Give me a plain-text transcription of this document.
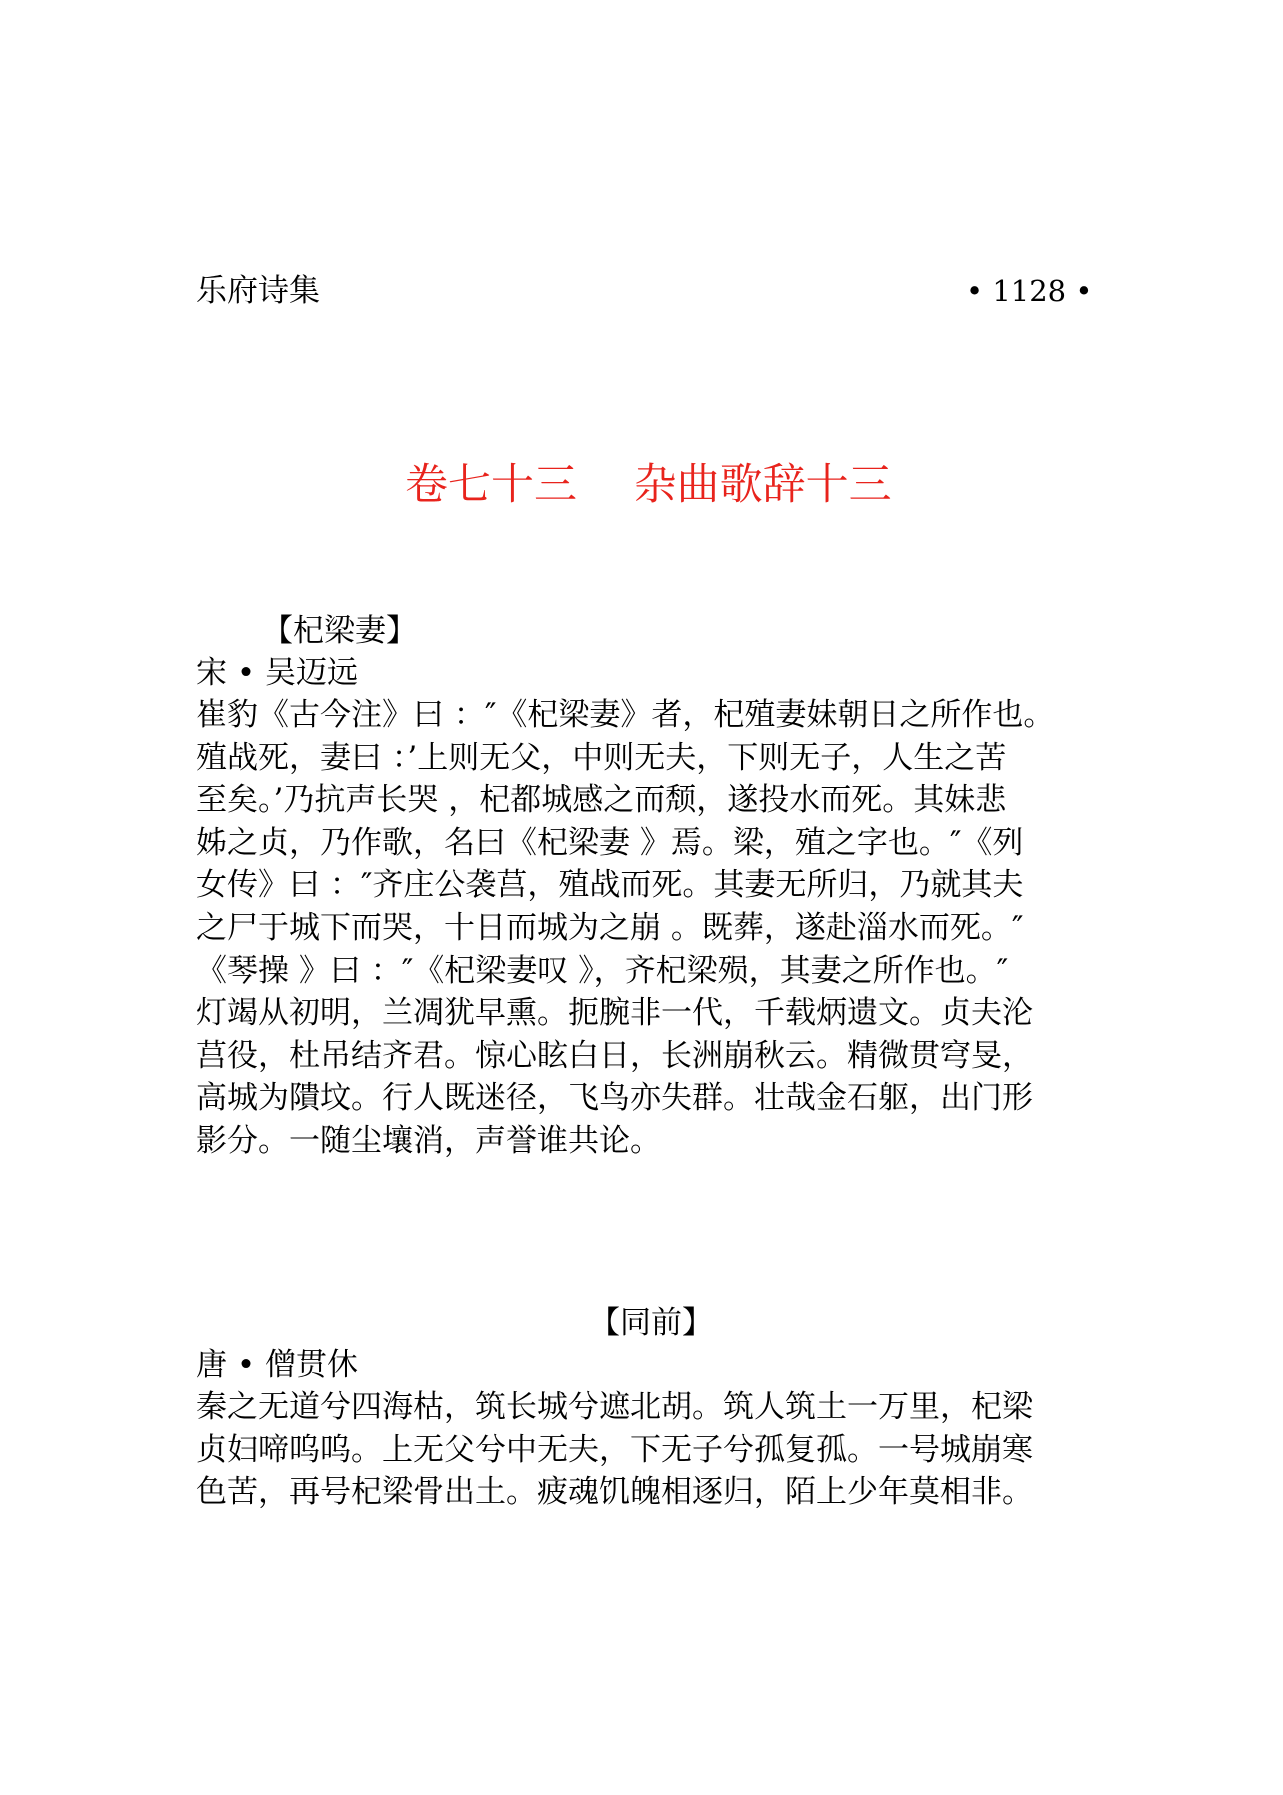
乐府诗集	• 1128 •
卷七十三　 杂曲歌辞十三
【杞梁妻】
宋 • 吴迈远
崔豹《古今注》曰 ：″《杞梁妻》者，杞殖妻妹朝日之所作也。
殖战死，妻曰 ：’上则无父，中则无夫，下则无子，人生之苦
至矣。’乃抗声长哭 ，杞都城感之而颓，遂投水而死。其妹悲
姊之贞，乃作歌，名曰《杞梁妻 》焉。梁，殖之字也。″《列
女传》曰 ：″齐庄公袭莒，殖战而死。其妻无所归，乃就其夫
之尸于城下而哭，十日而城为之崩 。既葬，遂赴淄水而死。″
《琴操 》曰 ：″《杞梁妻叹 》，齐杞梁殒，其妻之所作也。″
灯竭从初明，兰凋犹早熏。扼腕非一代，千载炳遗文。贞夫沦
莒役，杜吊结齐君。惊心眩白日，长洲崩秋云。精微贯穹旻，
高城为隤坟。行人既迷径，飞鸟亦失群。壮哉金石躯，出门形
影分。一随尘壤消，声誉谁共论。
【同前】
唐 • 僧贯休
秦之无道兮四海枯，筑长城兮遮北胡。筑人筑土一万里，杞梁
贞妇啼呜呜。上无父兮中无夫，下无子兮孤复孤。一号城崩寒
色苦，再号杞梁骨出土。疲魂饥魄相逐归，陌上少年莫相非。
